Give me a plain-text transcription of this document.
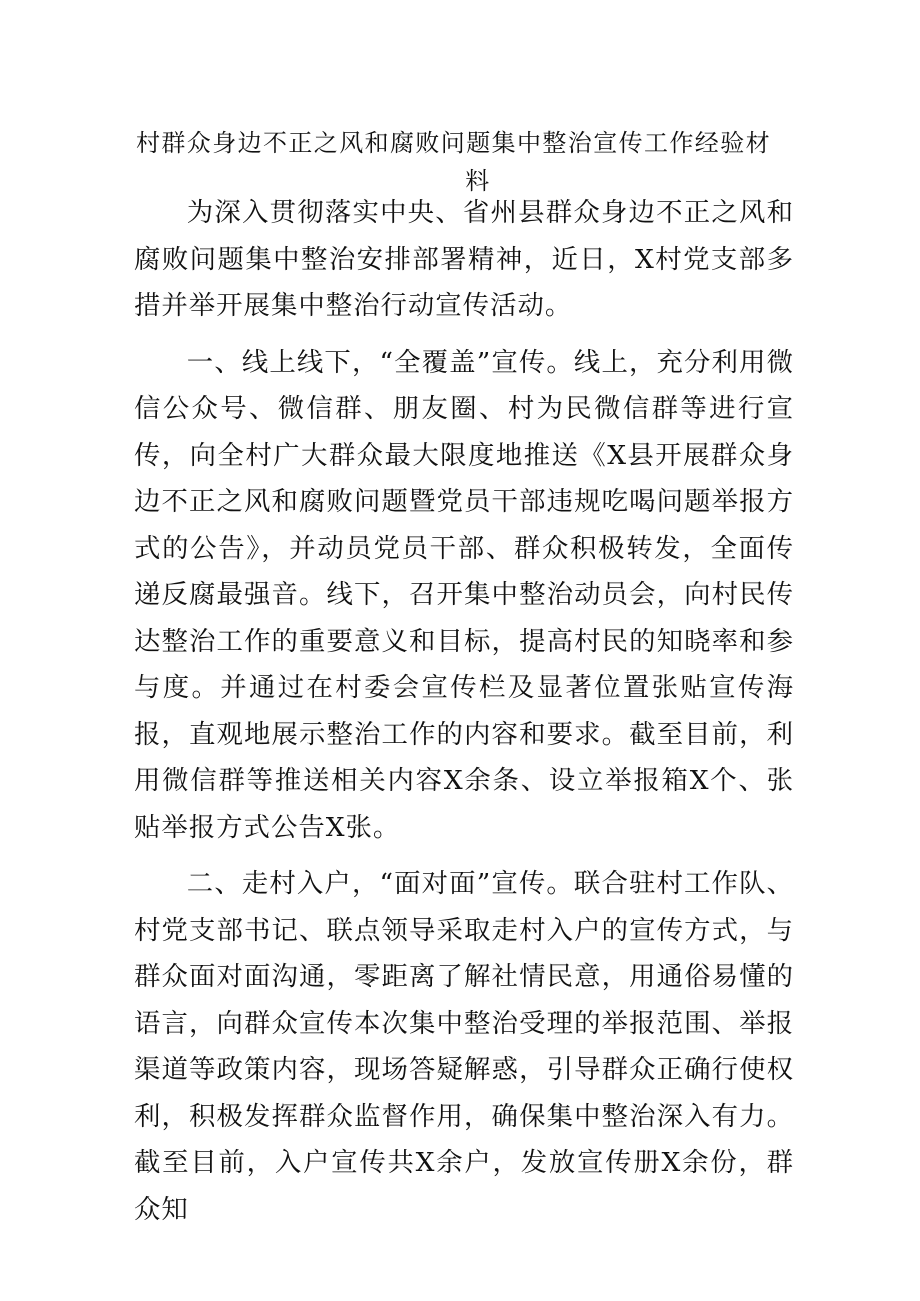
村群众身边不正之风和腐败问题集中整治宣传工作经验材
料

为深入贯彻落实中央、省州县群众身边不正之风和腐败问题集中整治安排部署精神，近日，X村党支部多措并举开展集中整治行动宣传活动。

一、线上线下，“全覆盖”宣传。线上，充分利用微信公众号、微信群、朋友圈、村为民微信群等进行宣传，向全村广大群众最大限度地推送《X县开展群众身边不正之风和腐败问题暨党员干部违规吃喝问题举报方式的公告》，并动员党员干部、群众积极转发，全面传递反腐最强音。线下，召开集中整治动员会，向村民传达整治工作的重要意义和目标，提高村民的知晓率和参与度。并通过在村委会宣传栏及显著位置张贴宣传海报，直观地展示整治工作的内容和要求。截至目前，利用微信群等推送相关内容X余条、设立举报箱X个、张贴举报方式公告X张。

二、走村入户，“面对面”宣传。联合驻村工作队、村党支部书记、联点领导采取走村入户的宣传方式，与群众面对面沟通，零距离了解社情民意，用通俗易懂的语言，向群众宣传本次集中整治受理的举报范围、举报渠道等政策内容，现场答疑解惑，引导群众正确行使权利，积极发挥群众监督作用，确保集中整治深入有力。截至目前，入户宣传共X余户，发放宣传册X余份，群众知
